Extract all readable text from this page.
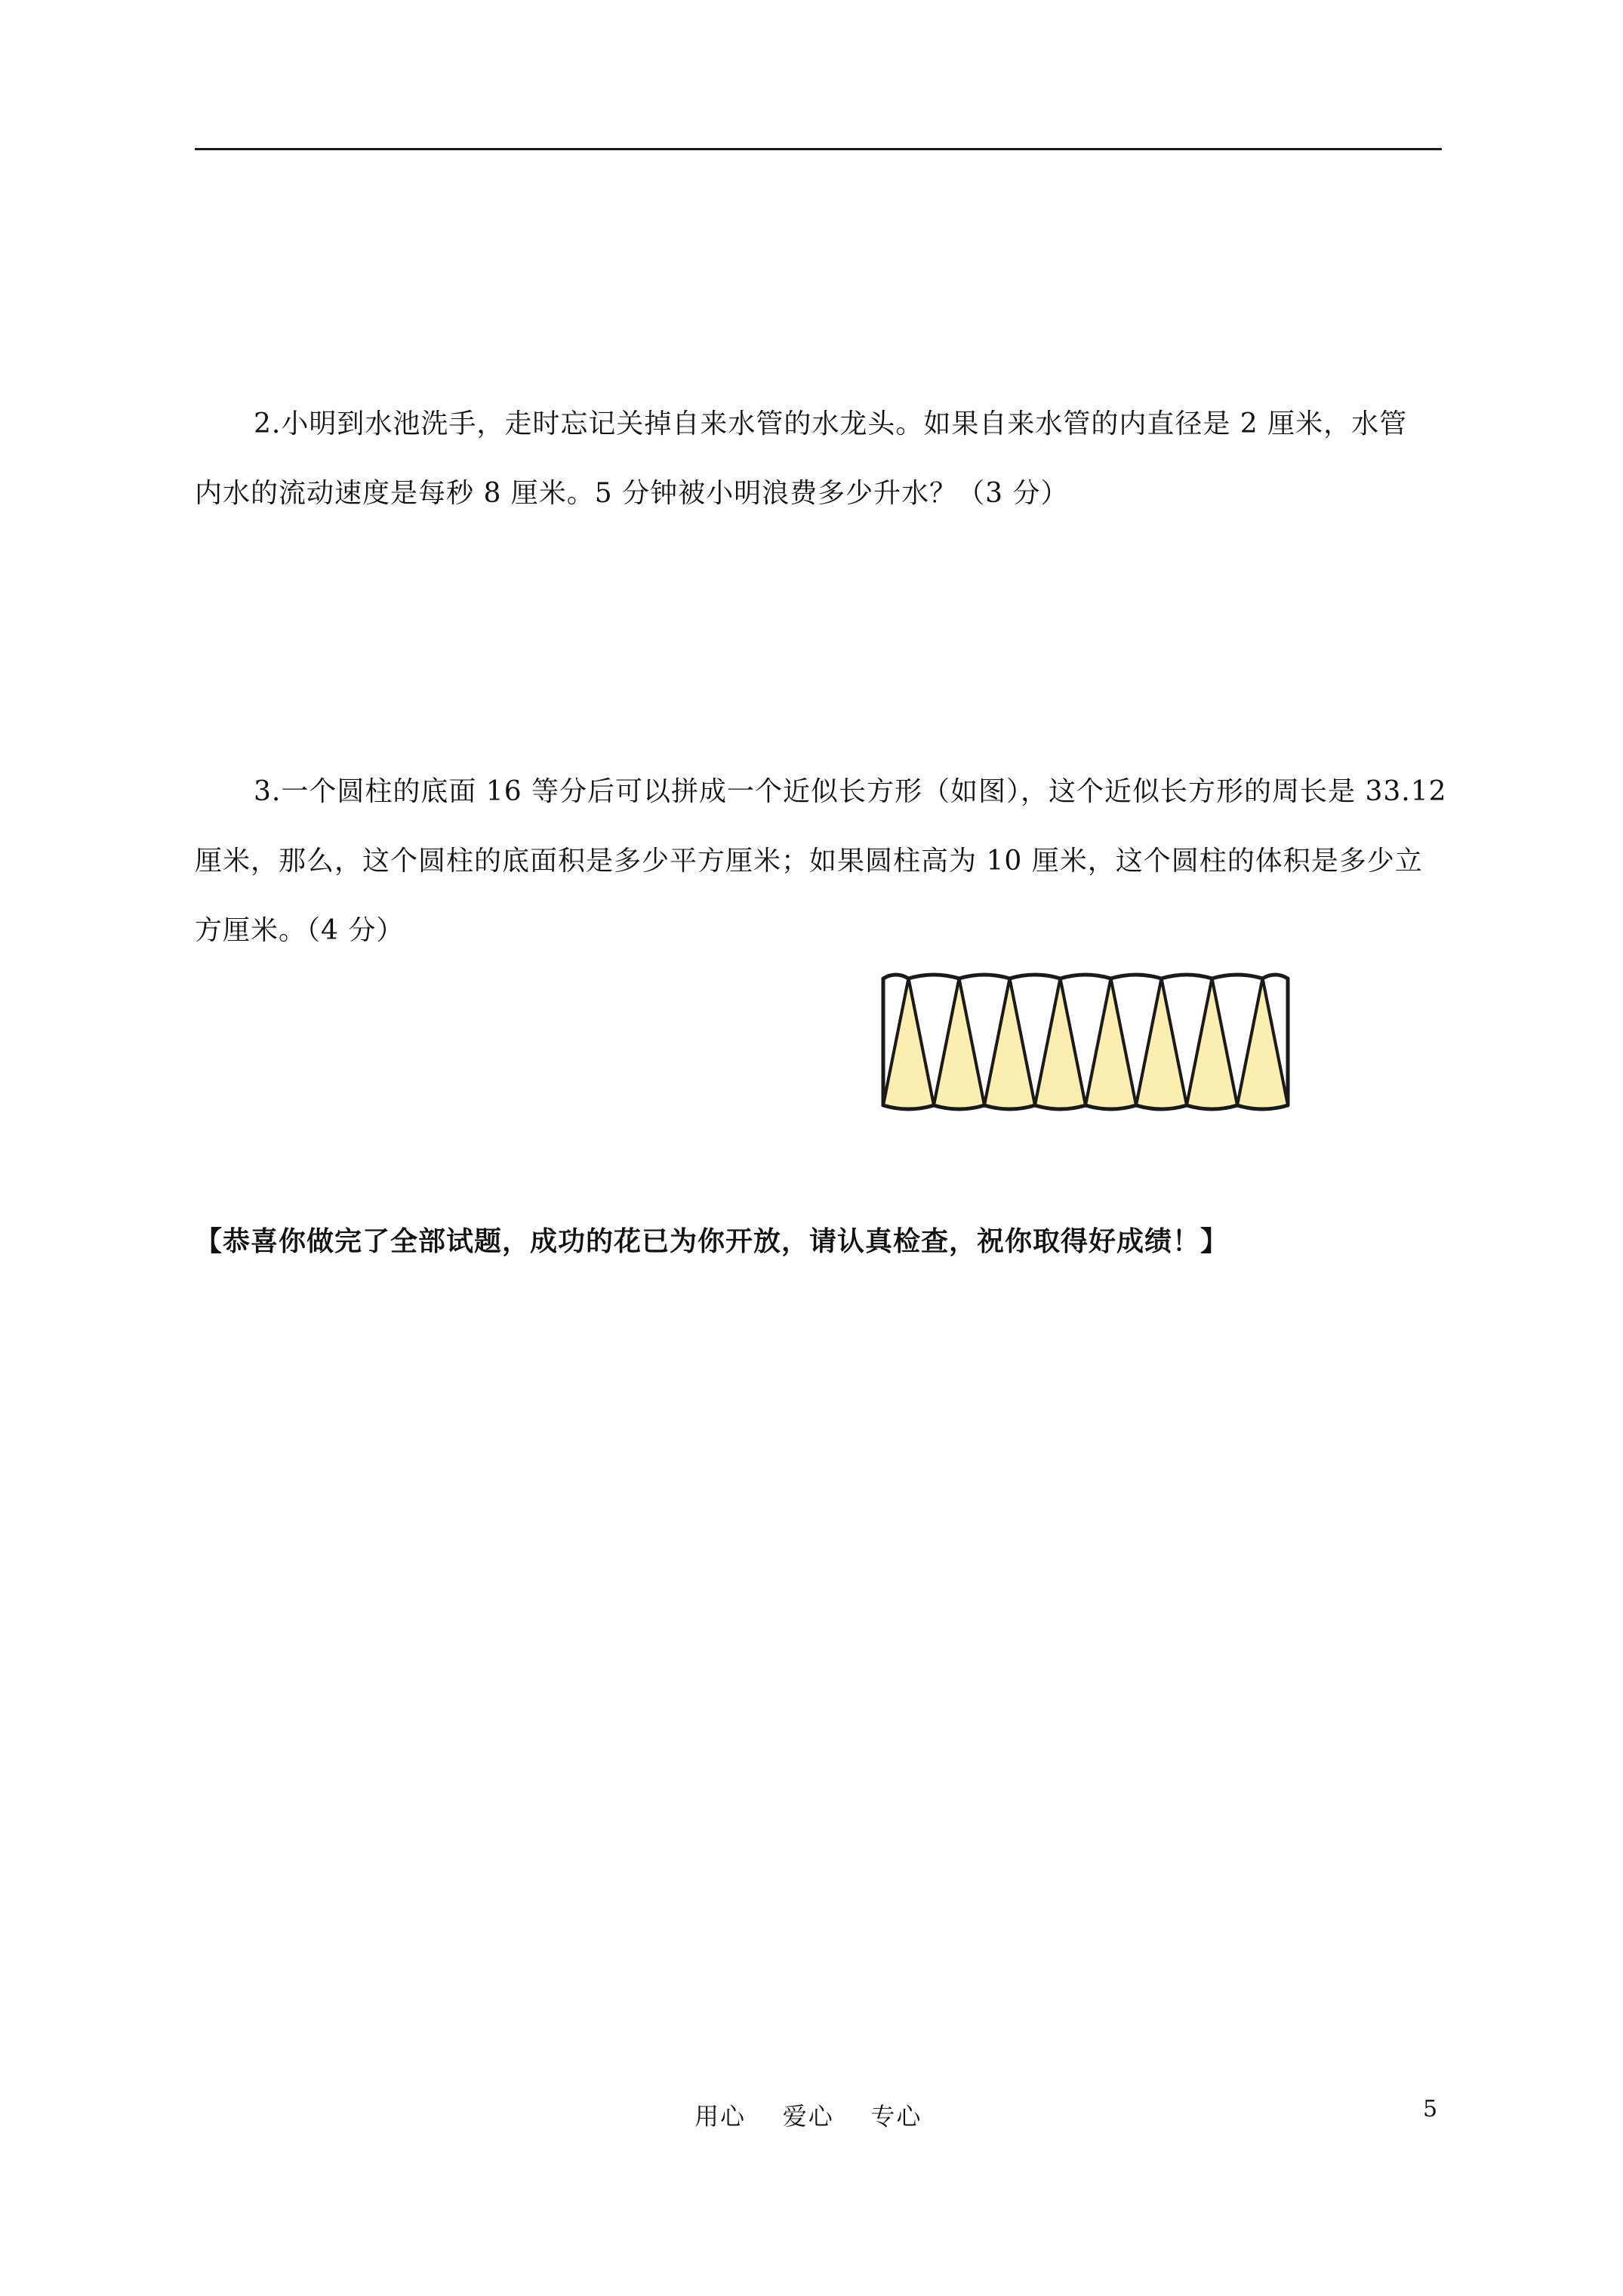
2.小明到水池洗手，走时忘记关掉自来水管的水龙头。如果自来水管的内直径是 2 厘米，水管
内水的流动速度是每秒 8 厘米。5 分钟被小明浪费多少升水？（3 分）
3.一个圆柱的底面 16 等分后可以拼成一个近似长方形（如图），这个近似长方形的周长是 33.12
厘米，那么，这个圆柱的底面积是多少平方厘米；如果圆柱高为 10 厘米，这个圆柱的体积是多少立
方厘米。（4 分）
【恭喜你做完了全部试题，成功的花已为你开放，请认真检查，祝你取得好成绩！】
用心    爱心    专心	5
